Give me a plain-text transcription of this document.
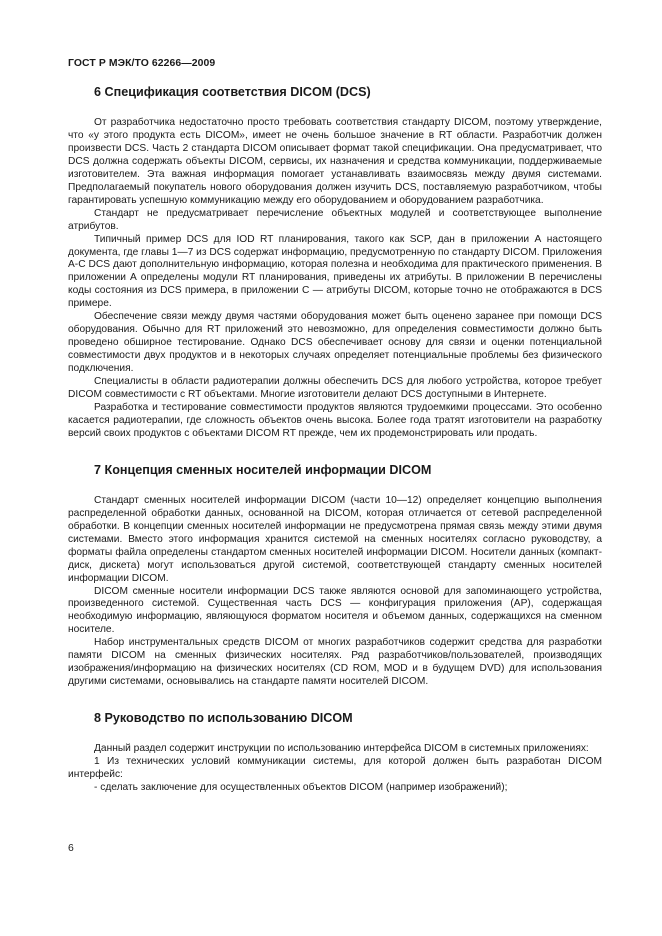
ГОСТ Р МЭК/ТО 62266—2009
6 Спецификация соответствия DICOM (DCS)

От разработчика недостаточно просто требовать соответствия стандарту DICOM, поэтому утверждение, что «у этого продукта есть DICOM», имеет не очень большое значение в RT области. Разработчик должен произвести DCS. Часть 2 стандарта DICOM описывает формат такой спецификации. Она предусматривает, что DCS должна содержать объекты DICOM, сервисы, их назначения и средства коммуникации, поддерживаемые изготовителем. Эта важная информация помогает устанавливать взаимосвязь между двумя системами. Предполагаемый покупатель нового оборудования должен изучить DCS, поставляемую разработчиком, чтобы гарантировать успешную коммуникацию между его оборудованием и оборудованием разработчика.

Стандарт не предусматривает перечисление объектных модулей и соответствующее выполнение атрибутов.

Типичный пример DCS для IOD RT планирования, такого как SCP, дан в приложении А настоящего документа, где главы 1—7 из DCS содержат информацию, предусмотренную по стандарту DICOM. Приложения А-С DCS дают дополнительную информацию, которая полезна и необходима для практического применения. В приложении А определены модули RT планирования, приведены их атрибуты. В приложении В перечислены коды состояния из DCS примера, в приложении С — атрибуты DICOM, которые точно не отображаются в DCS примере.

Обеспечение связи между двумя частями оборудования может быть оценено заранее при помощи DCS оборудования. Обычно для RT приложений это невозможно, для определения совместимости должно быть проведено обширное тестирование. Однако DCS обеспечивает основу для связи и оценки потенциальной совместимости двух продуктов и в некоторых случаях определяет потенциальные проблемы без физического подключения.

Специалисты в области радиотерапии должны обеспечить DCS для любого устройства, которое требует DICOM совместимости с RT объектами. Многие изготовители делают DCS доступными в Интернете.

Разработка и тестирование совместимости продуктов являются трудоемкими процессами. Это особенно касается радиотерапии, где сложность объектов очень высока. Более года тратят изготовители на разработку версий своих продуктов с объектами DICOM RT прежде, чем их продемонстрировать или продать.

7 Концепция сменных носителей информации DICOM

Стандарт сменных носителей информации DICOM (части 10—12) определяет концепцию выполнения распределенной обработки данных, основанной на DICOM, которая отличается от сетевой распределенной обработки. В концепции сменных носителей информации не предусмотрена прямая связь между этими двумя системами. Вместо этого информация хранится системой на сменных носителях согласно руководству, а форматы файла определены стандартом сменных носителей информации DICOM. Носители данных (компакт-диск, дискета) могут использоваться другой системой, соответствующей стандарту сменных носителей информации DICOM.

DICOM сменные носители информации DCS также являются основой для запоминающего устройства, произведенного системой. Существенная часть DCS — конфигурация приложения (AP), содержащая необходимую информацию, являющуюся форматом носителя и объемом данных, содержащихся на сменном носителе.

Набор инструментальных средств DICOM от многих разработчиков содержит средства для разработки памяти DICOM на сменных физических носителях. Ряд разработчиков/пользователей, производящих изображения/информацию на физических носителях (CD ROM, MOD и в будущем DVD) для использования другими системами, основывались на стандарте памяти носителей DICOM.

8 Руководство по использованию DICOM

Данный раздел содержит инструкции по использованию интерфейса DICOM в системных приложениях:

1 Из технических условий коммуникации системы, для которой должен быть разработан DICOM интерфейс:

- сделать заключение для осуществленных объектов DICOM (например изображений);

6
